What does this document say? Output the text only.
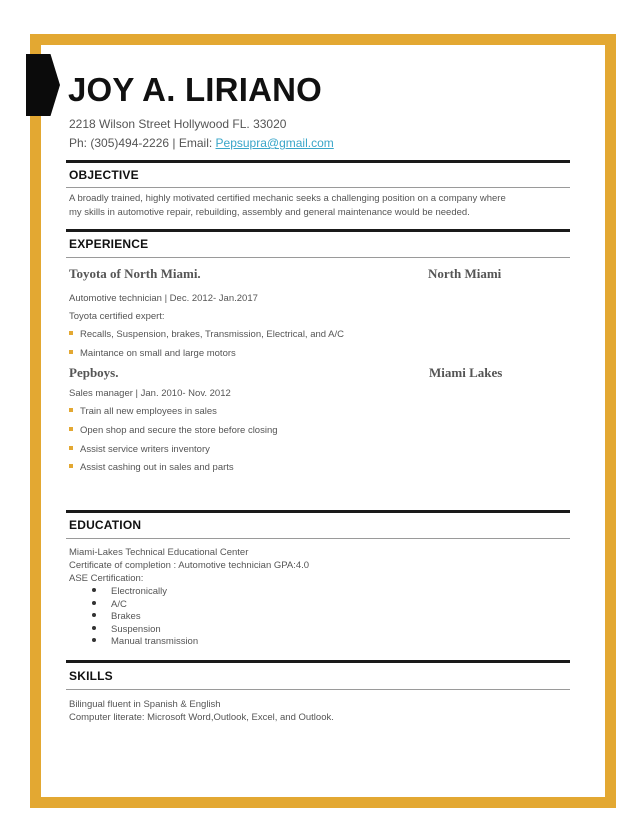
JOY A. LIRIANO
2218 Wilson Street Hollywood FL. 33020
Ph: (305)494-2226 | Email: Pepsupra@gmail.com
OBJECTIVE
A broadly trained, highly motivated certified mechanic seeks a challenging position on a company where
my skills in automotive repair, rebuilding, assembly and general maintenance would be needed.
EXPERIENCE
Toyota of North Miami.	North Miami
Automotive technician | Dec. 2012- Jan.2017
Toyota certified expert:
Recalls, Suspension, brakes, Transmission, Electrical, and A/C
Maintance on small and large motors
Pepboys.	Miami Lakes
Sales manager | Jan. 2010- Nov. 2012
Train all new employees in sales
Open shop and secure the store before closing
Assist service writers inventory
Assist cashing out in sales and parts
EDUCATION
Miami-Lakes Technical Educational Center
Certificate of completion : Automotive technician GPA:4.0
ASE Certification:
Electronically
A/C
Brakes
Suspension
Manual transmission
SKILLS
Bilingual fluent in Spanish & English
Computer literate: Microsoft Word,Outlook, Excel, and Outlook.
